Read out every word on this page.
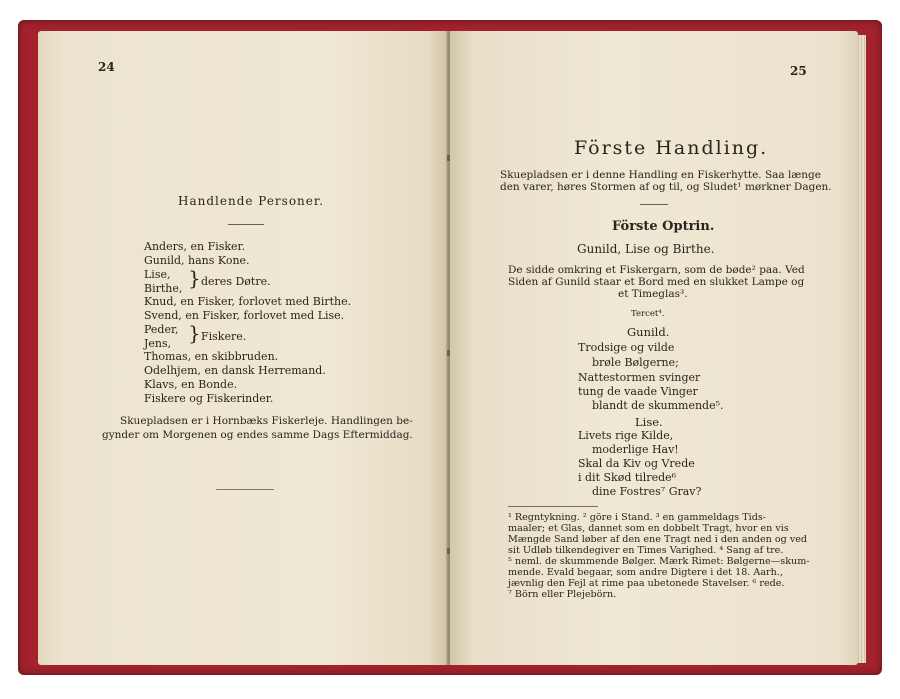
24
Handlende Personer.
Anders, en Fisker.
Gunild, hans Kone.
Lise,
Birthe, } deres Døtre.
Knud, en Fisker, forlovet med Birthe.
Svend, en Fisker, forlovet med Lise.
Peder,
Jens, } Fiskere.
Thomas, en skibbruden.
Odelhjem, en dansk Herremand.
Klavs, en Bonde.
Fiskere og Fiskerinder.
Skuepladsen er i Hornbæks Fiskerleje. Handlingen be-
gynder om Morgenen og endes samme Dags Eftermiddag.
25
Förste Handling.
Skuepladsen er i denne Handling en Fiskerhytte. Saa længe
den varer, høres Stormen af og til, og Sludet¹ mørkner Dagen.
Förste Optrin.
Gunild, Lise og Birthe.
De sidde omkring et Fiskergarn, som de bøde² paa. Ved
Siden af Gunild staar et Bord med en slukket Lampe og
et Timeglas³.
Tercet⁴.
Gunild.
Trodsige og vilde
brøle Bølgerne;
Nattestormen svinger
tung de vaade Vinger
blandt de skummende⁵.
Lise.
Livets rige Kilde,
moderlige Hav!
Skal da Kiv og Vrede
i dit Skød tilrede⁶
dine Fostres⁷ Grav?
¹ Regntykning. ² göre i Stand. ³ en gammeldags Tids-
maaler; et Glas, dannet som en dobbelt Tragt, hvor en vis
Mængde Sand løber af den ene Tragt ned i den anden og ved
sit Udløb tilkendegiver en Times Varighed. ⁴ Sang af tre.
⁵ neml. de skummende Bølger. Mærk Rimet: Bølgerne—skum-
mende. Evald begaar, som andre Digtere i det 18. Aarh.,
jævnlig den Fejl at rime paa ubetonede Stavelser. ⁶ rede.
⁷ Börn eller Plejebörn.
